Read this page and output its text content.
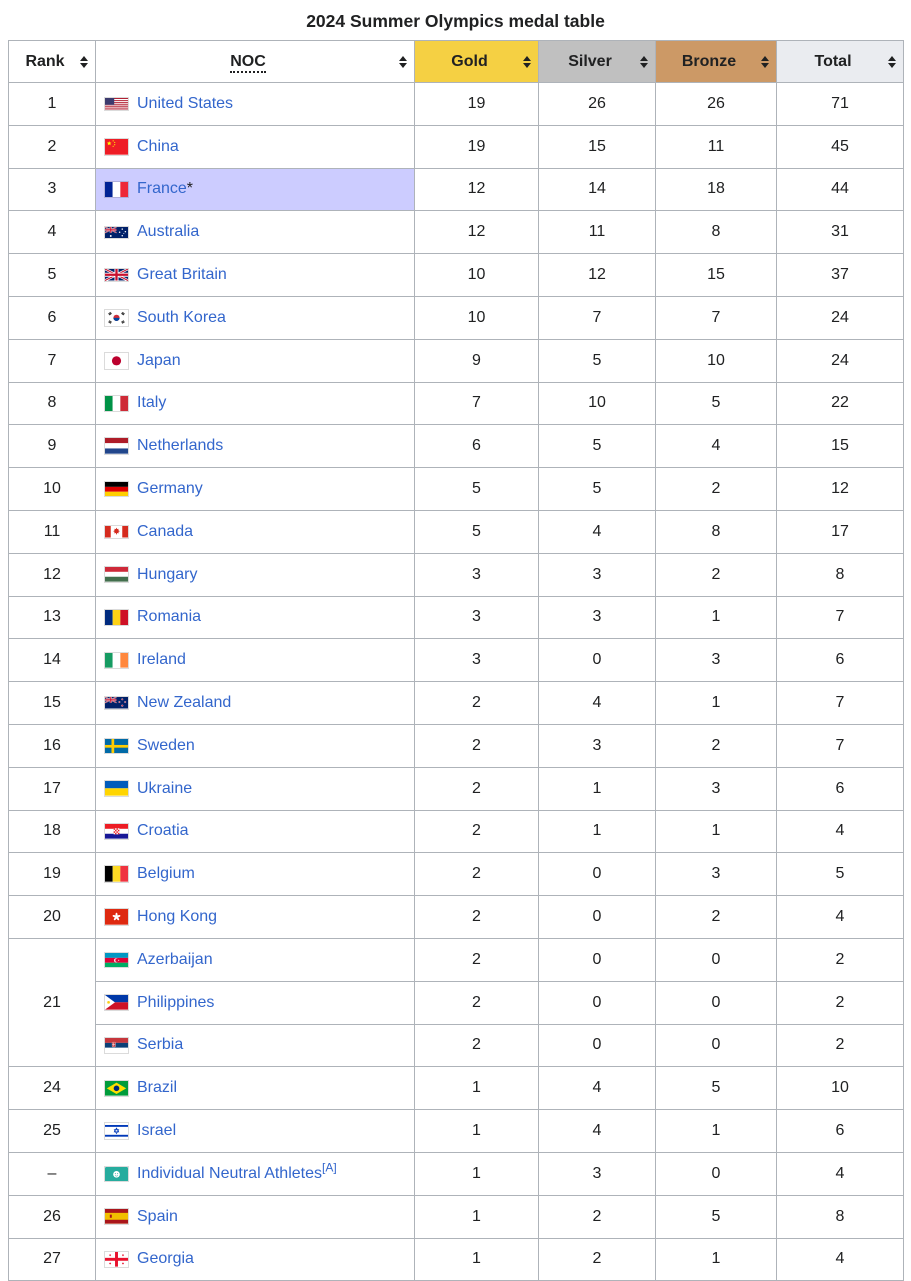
2024 Summer Olympics medal table
Rank	NOC	Gold	Silver	Bronze	Total

1	United States	19	26	26	71
2	China	19	15	11	45
3	France*	12	14	18	44
4	Australia	12	11	8	31
5	Great Britain	10	12	15	37
6	South Korea	10	7	7	24
7	Japan	9	5	10	24
8	Italy	7	10	5	22
9	Netherlands	6	5	4	15
10	Germany	5	5	2	12
11	Canada	5	4	8	17
12	Hungary	3	3	2	8
13	Romania	3	3	1	7
14	Ireland	3	0	3	6
15	New Zealand	2	4	1	7
16	Sweden	2	3	2	7
17	Ukraine	2	1	3	6
18	Croatia	2	1	1	4
19	Belgium	2	0	3	5
20	Hong Kong	2	0	2	4
21	Azerbaijan	2	0	0	2

	Philippines	2	0	0	2

	Serbia	2	0	0	2
24	Brazil	1	4	5	10
25	Israel	1	4	1	6
–	Individual Neutral Athletes[A]	1	3	0	4
26	Spain	1	2	5	8
27	Georgia	1	2	1	4
